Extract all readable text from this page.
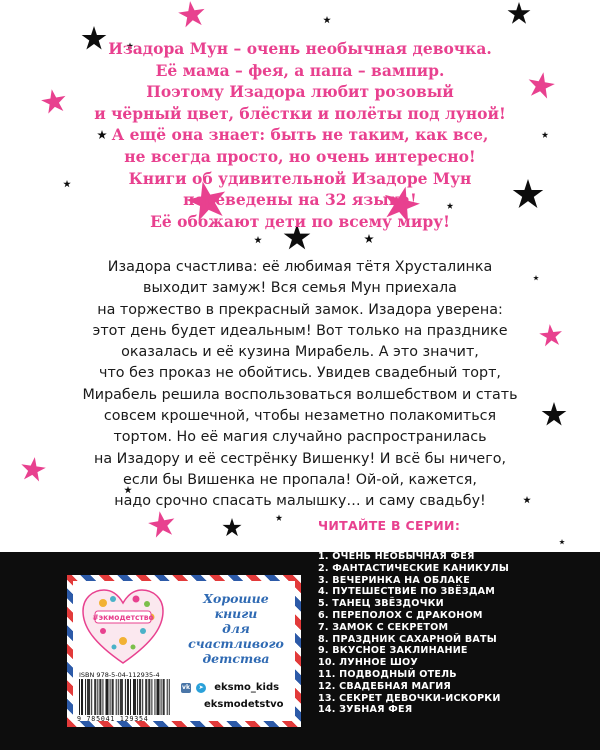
Изадора Мун – очень необычная девочка.
Её мама – фея, а папа – вампир.
Поэтому Изадора любит розовый
и чёрный цвет, блёстки и полёты под луной!
А ещё она знает: быть не таким, как все,
не всегда просто, но очень интересно!
Книги об удивительной Изадоре Мун
переведены на 32 языка!
Её обожают дети по всему миру!
Изадора счастлива: её любимая тётя Хрусталинка
выходит замуж! Вся семья Мун приехала
на торжество в прекрасный замок. Изадора уверена:
этот день будет идеальным! Вот только на празднике
оказалась и её кузина Мирабель. А это значит,
что без проказ не обойтись. Увидев свадебный торт,
Мирабель решила воспользоваться волшебством и стать
совсем крошечной, чтобы незаметно полакомиться
тортом. Но её магия случайно распространилась
на Изадору и её сестрёнку Вишенку! И всё бы ничего,
если бы Вишенка не пропала! Ой-ой, кажется,
надо срочно спасать малышку… и саму свадьбу!
ЧИТАЙТЕ В СЕРИИ:
1. ОЧЕНЬ НЕОБЫЧНАЯ ФЕЯ
2. ФАНТАСТИЧЕСКИЕ КАНИКУЛЫ
3. ВЕЧЕРИНКА НА ОБЛАКЕ
4. ПУТЕШЕСТВИЕ ПО ЗВЁЗДАМ
5. ТАНЕЦ ЗВЁЗДОЧКИ
6. ПЕРЕПОЛОХ С ДРАКОНОМ
7. ЗАМОК С СЕКРЕТОМ
8. ПРАЗДНИК САХАРНОЙ ВАТЫ
9. ВКУСНОЕ ЗАКЛИНАНИЕ
10. ЛУННОЕ ШОУ
11. ПОДВОДНЫЙ ОТЕЛЬ
12. СВАДЕБНАЯ МАГИЯ
13. СЕКРЕТ ДЕВОЧКИ-ИСКОРКИ
14. ЗУБНАЯ ФЕЯ
#экмодетство
Хорошие
книги
для счастливого
детства
ISBN 978-5-04-112935-4
9 785041 129354
vk ➤ eksmo_kids
eksmodetstvo
